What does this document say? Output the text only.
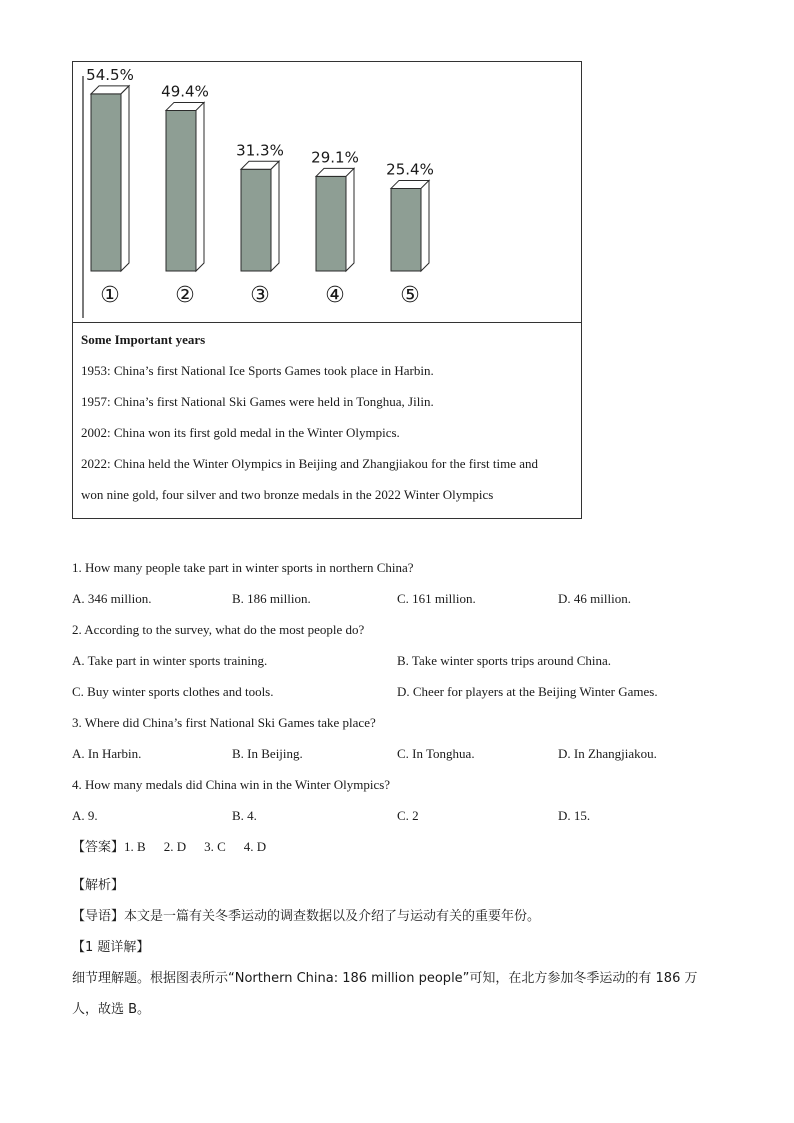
54.5%
①
49.4%
②
31.3%
③
29.1%
④
25.4%
⑤
Some Important years
1953: China’s first National Ice Sports Games took place in Harbin.
1957: China’s first National Ski Games were held in Tonghua, Jilin.
2002: China won its first gold medal in the Winter Olympics.
2022: China held the Winter Olympics in Beijing and Zhangjiakou for the first time and
won nine gold, four silver and two bronze medals in the 2022 Winter Olympics
1. How many people take part in winter sports in northern China?
A. 346 million.	B. 186 million.	C. 161 million.	D. 46 million.
2. According to the survey, what do the most people do?
A. Take part in winter sports training.	B. Take winter sports trips around China.
C. Buy winter sports clothes and tools.	D. Cheer for players at the Beijing Winter Games.
3. Where did China’s first National Ski Games take place?
A. In Harbin.	B. In Beijing.	C. In Tonghua.	D. In Zhangjiakou.
4. How many medals did China win in the Winter Olympics?
A. 9.	B. 4.	C. 2	D. 15.
【答案】1. B 2. D 3. C 4. D
【解析】
【导语】本文是一篇有关冬季运动的调查数据以及介绍了与运动有关的重要年份。
【1 题详解】
细节理解题。根据图表所示“Northern China: 186 million people”可知，在北方参加冬季运动的有 186 万人，故选 B。
